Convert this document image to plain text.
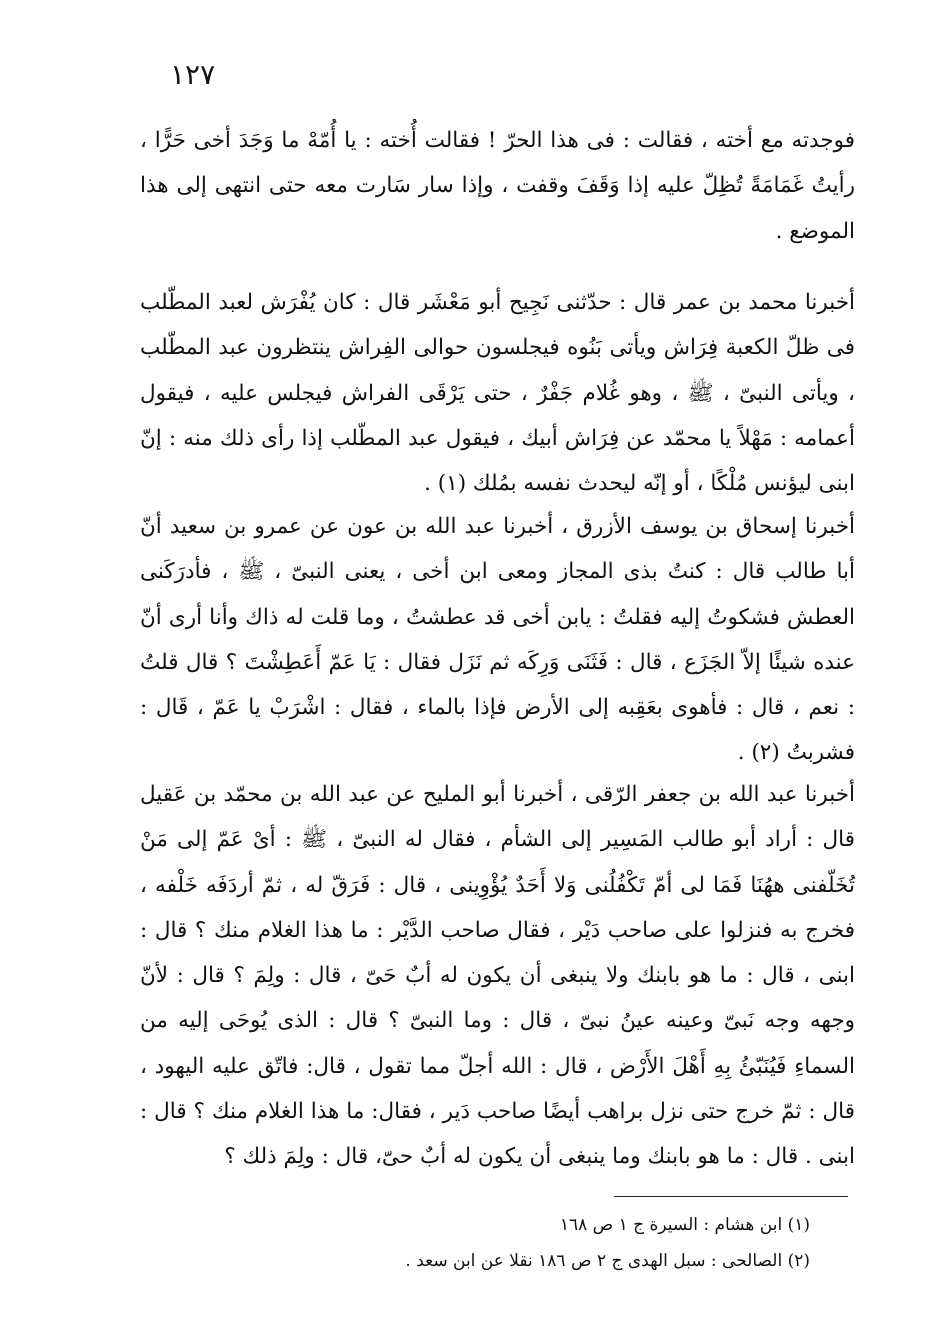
١٢٧

فوجدته مع أخته ، فقالت : فى هذا الحرّ ! فقالت أُخته : يا أُمّهْ ما وَجَدَ أخى حَرًّا ، رأيتُ غَمَامَةً تُظِلّ عليه إذا وَقَفَ وقفت ، وإذا سار سَارت معه حتى انتهى إلى هذا الموضع .

أخبرنا محمد بن عمر قال : حدّثنى نَجِيح أبو مَعْشَر قال : كان يُفْرَش لعبد المطّلب فى ظلّ الكعبة فِرَاش ويأتى بَنُوه فيجلسون حوالى الفِراش ينتظرون عبد المطّلب ، ويأتى النبىّ ، ﷺ ، وهو غُلام جَفْرٌ ، حتى يَرْقَى الفراش فيجلس عليه ، فيقول أعمامه : مَهْلاً يا محمّد عن فِرَاش أبيك ، فيقول عبد المطّلب إذا رأى ذلك منه : إنّ ابنى ليؤنس مُلْكًا ، أو إنّه ليحدث نفسه بمُلك (١) .

أخبرنا إسحاق بن يوسف الأزرق ، أخبرنا عبد الله بن عون عن عمرو بن سعيد أنّ أبا طالب قال : كنتُ بذى المجاز ومعى ابن أخى ، يعنى النبىّ ، ﷺ ، فأدرَكَنى العطش فشكوتُ إليه فقلتُ : يابن أخى قد عطشتُ ، وما قلت له ذاك وأنا أرى أنّ عنده شيئًا إلاّ الجَزَع ، قال : فَثَنَى وَرِكَه ثم نَزَل فقال : يَا عَمّ أَعَطِشْتَ ؟ قال قلتُ : نعم ، قال : فأهوى بعَقِبه إلى الأرض فإذا بالماء ، فقال : اشْرَبْ يا عَمّ ، قَال : فشربتُ (٢) .

أخبرنا عبد الله بن جعفر الرّقى ، أخبرنا أبو المليح عن عبد الله بن محمّد بن عَقيل قال : أراد أبو طالب المَسِير إلى الشأم ، فقال له النبىّ ، ﷺ : أىْ عَمّ إلى مَنْ تُخَلّفنى ههُنَا فَمَا لى أمّ تَكْفُلُنى وَلا أَحَدٌ يُؤْوِينى ، قال : فَرَقّ له ، ثمّ أردَفَه خَلْفه ، فخرج به فنزلوا على صاحب دَيْر ، فقال صاحب الدَّيْر : ما هذا الغلام منك ؟ قال : ابنى ، قال : ما هو بابنك ولا ينبغى أن يكون له أبٌ حَىّ ، قال : ولِمَ ؟ قال : لأنّ وجهه وجه نَبىّ وعينه عينُ نبىّ ، قال : وما النبىّ ؟ قال : الذى يُوحَى إليه من السماءِ فَيُنَبّئُ بِهِ أَهْلَ الأَرْض ، قال : الله أجلّ مما تقول ، قال: فاتّق عليه اليهود ، قال : ثمّ خرج حتى نزل براهب أيضًا صاحب دَير ، فقال: ما هذا الغلام منك ؟ قال : ابنى . قال : ما هو بابنك وما ينبغى أن يكون له أبٌ حىّ، قال : ولِمَ ذلك ؟

(١) ابن هشام : السيرة ج ١ ص ١٦٨

(٢) الصالحى : سبل الهدى ج ٢ ص ١٨٦ نقلا عن ابن سعد .
